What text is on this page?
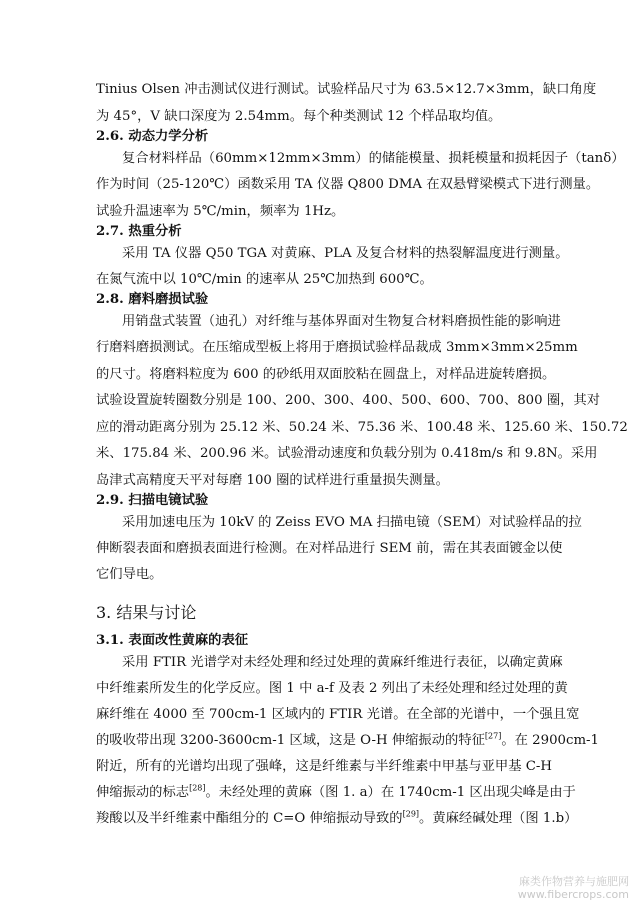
Tinius Olsen 冲击测试仪进行测试。试验样品尺寸为 63.5×12.7×3mm，缺口角度
为 45°，V 缺口深度为 2.54mm。每个种类测试 12 个样品取均值。
2.6. 动态力学分析
复合材料样品（60mm×12mm×3mm）的储能模量、损耗模量和损耗因子（tanδ）
作为时间（25-120℃）函数采用 TA 仪器 Q800 DMA 在双悬臂梁模式下进行测量。
试验升温速率为 5℃/min，频率为 1Hz。
2.7. 热重分析
采用 TA 仪器 Q50 TGA 对黄麻、PLA 及复合材料的热裂解温度进行测量。
在氮气流中以 10℃/min 的速率从 25℃加热到 600℃。
2.8. 磨料磨损试验
用销盘式装置（迪孔）对纤维与基体界面对生物复合材料磨损性能的影响进
行磨料磨损测试。在压缩成型板上将用于磨损试验样品裁成 3mm×3mm×25mm
的尺寸。将磨料粒度为 600 的砂纸用双面胶粘在圆盘上，对样品进旋转磨损。
试验设置旋转圈数分别是 100、200、300、400、500、600、700、800 圈，其对
应的滑动距离分别为 25.12 米、50.24 米、75.36 米、100.48 米、125.60 米、150.72
米、175.84 米、200.96 米。试验滑动速度和负载分别为 0.418m/s 和 9.8N。采用
岛津式高精度天平对每磨 100 圈的试样进行重量损失测量。
2.9. 扫描电镜试验
采用加速电压为 10kV 的 Zeiss EVO MA 扫描电镜（SEM）对试验样品的拉
伸断裂表面和磨损表面进行检测。在对样品进行 SEM 前，需在其表面镀金以使
它们导电。
3. 结果与讨论
3.1. 表面改性黄麻的表征
采用 FTIR 光谱学对未经处理和经过处理的黄麻纤维进行表征，以确定黄麻
中纤维素所发生的化学反应。图 1 中 a-f 及表 2 列出了未经处理和经过处理的黄
麻纤维在 4000 至 700cm-1 区域内的 FTIR 光谱。在全部的光谱中，一个强且宽
的吸收带出现 3200-3600cm-1 区域，这是 O-H 伸缩振动的特征[27]。在 2900cm-1
附近，所有的光谱均出现了强峰，这是纤维素与半纤维素中甲基与亚甲基 C-H
伸缩振动的标志[28]。未经处理的黄麻（图 1. a）在 1740cm-1 区出现尖峰是由于
羧酸以及半纤维素中酯组分的 C=O 伸缩振动导致的[29]。黄麻经碱处理（图 1.b）
麻类作物营养与施肥网
www.fibercrops.com
